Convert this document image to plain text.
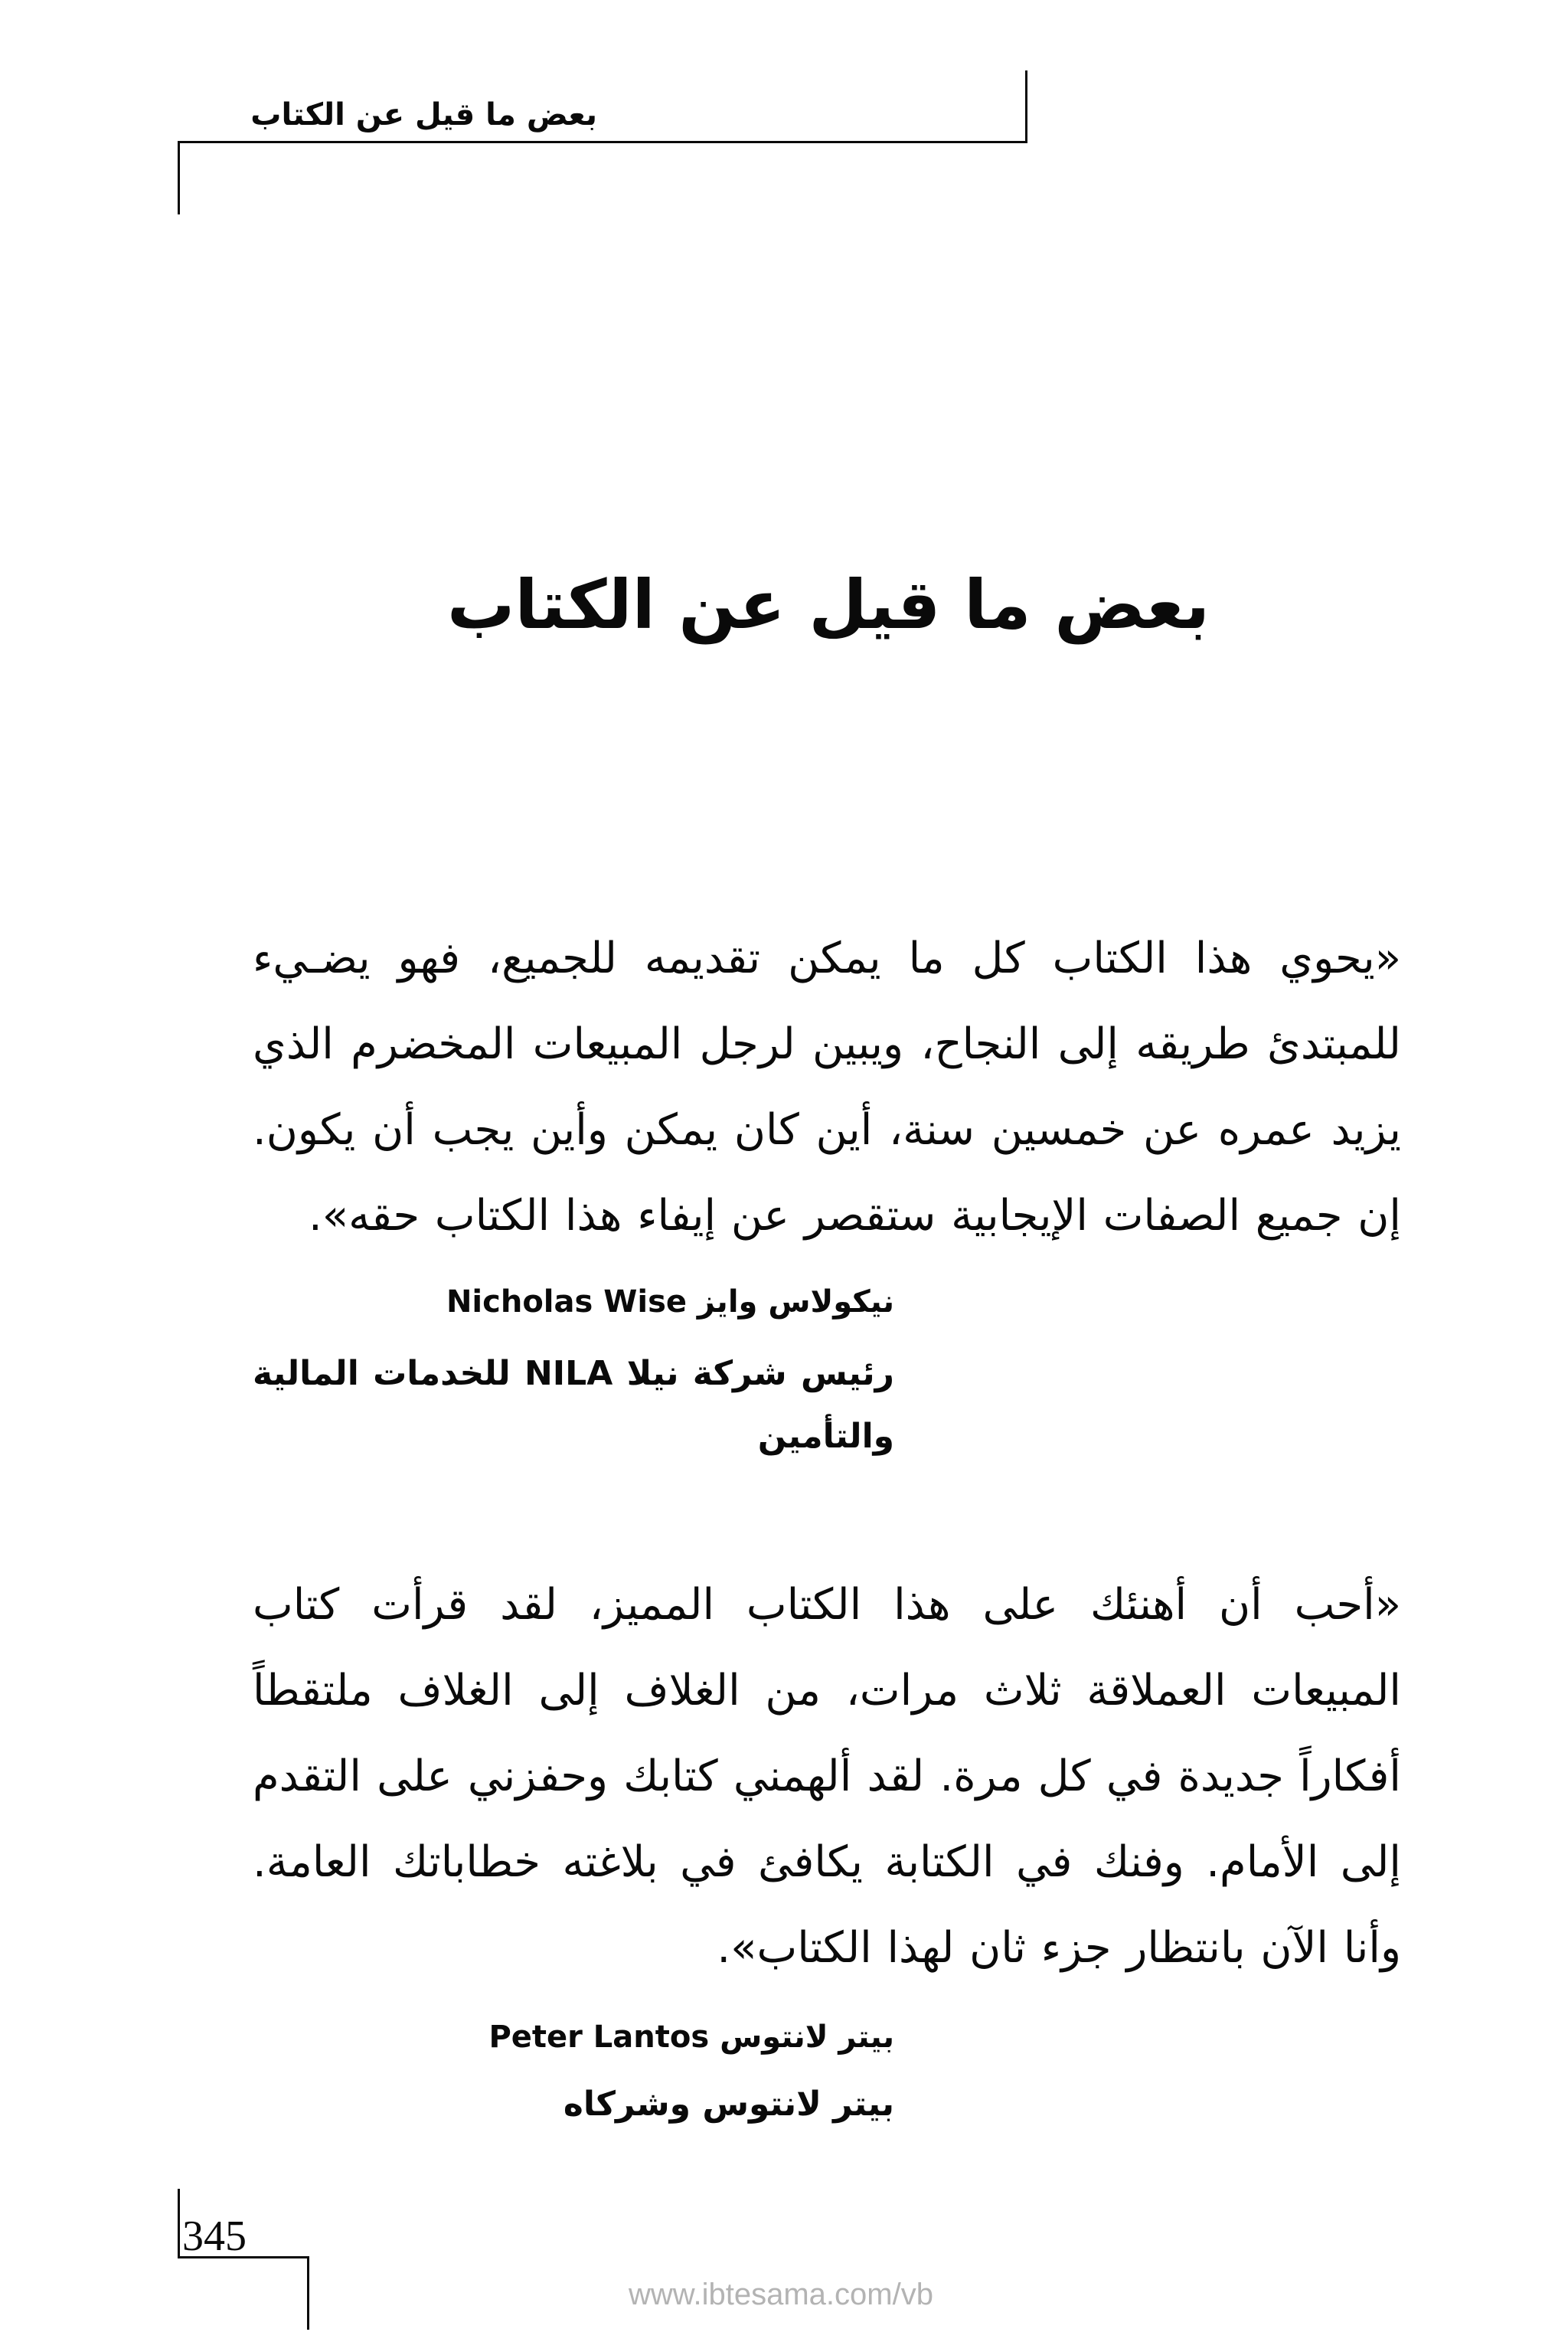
بعض ما قيل عن الكتاب
بعض ما قيل عن الكتاب
«يحوي هذا الكتاب كل ما يمكن تقديمه للجميع، فهو يضـيء للمبتدئ طريقه إلى النجاح، ويبين لرجل المبيعات المخضرم الذي يزيد عمره عن خمسين سنة، أين كان يمكن وأين يجب أن يكون. إن جميع الصفات الإيجابية ستقصر عن إيفاء هذا الكتاب حقه».
نيكولاس وايز Nicholas Wise
رئيس شركة نيلا NILA للخدمات المالية
والتأمين
«أحب أن أهنئك على هذا الكتاب المميز، لقد قرأت كتاب المبيعات العملاقة ثلاث مرات، من الغلاف إلى الغلاف ملتقطاً أفكاراً جديدة في كل مرة. لقد ألهمني كتابك وحفزني على التقدم إلى الأمام. وفنك في الكتابة يكافئ في بلاغته خطاباتك العامة. وأنا الآن بانتظار جزء ثان لهذا الكتاب».
بيتر لانتوس Peter Lantos
بيتر لانتوس وشركاه
345
www.ibtesama.com/vb
